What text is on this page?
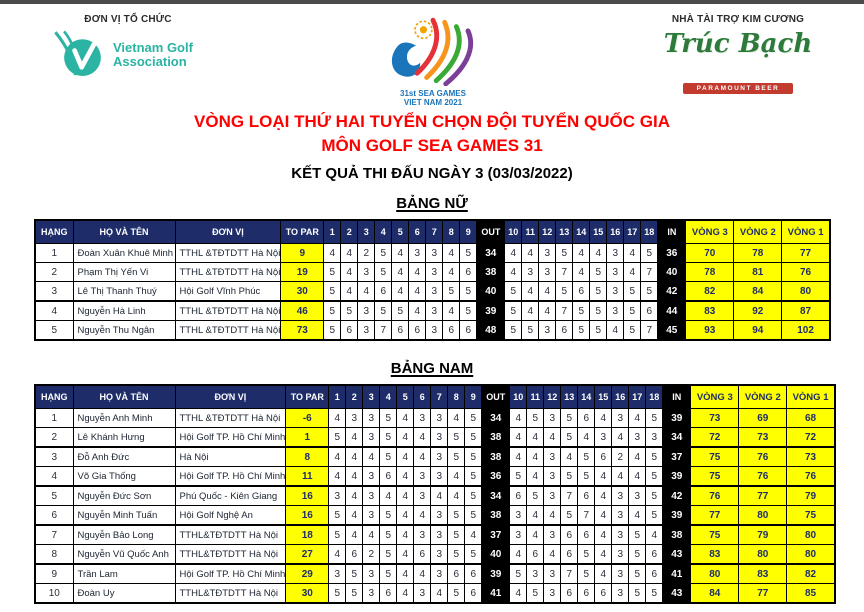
ĐƠN VỊ TỔ CHỨC
Vietnam Golf Association
31st SEA GAMES
VIET NAM 2021
NHÀ TÀI TRỢ KIM CƯƠNG
Trúc Bạch

PARAMOUNT BEER
VÒNG LOẠI THỨ HAI TUYỂN CHỌN ĐỘI TUYỂN QUỐC GIA
MÔN GOLF SEA GAMES 31
KẾT QUẢ THI ĐẤU NGÀY 3 (03/03/2022)
BẢNG NỮ
HẠNG	HỌ VÀ TÊN	ĐƠN VỊ	TO PAR	1	2	3	4	5	6	7	8	9	OUT	10	11	12	13	14	15	16	17	18	IN	VÒNG 3	VÒNG 2	VÒNG 1
1	Đoàn Xuân Khuê Minh	TTHL &TĐTDTT Hà Nội	9	4	4	2	5	4	3	3	4	5	34	4	4	3	5	4	4	3	4	5	36	70	78	77
2	Phạm Thị Yến Vi	TTHL &TĐTDTT Hà Nội	19	5	4	3	5	4	4	3	4	6	38	4	3	3	7	4	5	3	4	7	40	78	81	76
3	Lê Thị Thanh Thuý	Hội Golf Vĩnh Phúc	30	5	4	4	6	4	4	3	5	5	40	5	4	4	5	6	5	3	5	5	42	82	84	80
4	Nguyễn Hà Linh	TTHL &TĐTDTT Hà Nội	46	5	5	3	5	5	4	3	4	5	39	5	4	4	7	5	5	3	5	6	44	83	92	87
5	Nguyễn Thu Ngân	TTHL &TĐTDTT Hà Nội	73	5	6	3	7	6	6	3	6	6	48	5	5	3	6	5	5	4	5	7	45	93	94	102
BẢNG NAM
HẠNG	HỌ VÀ TÊN	ĐƠN VỊ	TO PAR	1	2	3	4	5	6	7	8	9	OUT	10	11	12	13	14	15	16	17	18	IN	VÒNG 3	VÒNG 2	VÒNG 1
1	Nguyễn Anh Minh	TTHL &TĐTDTT Hà Nội	-6	4	3	3	5	4	3	3	4	5	34	4	5	3	5	6	4	3	4	5	39	73	69	68
2	Lê Khánh Hưng	Hội Golf TP. Hồ Chí Minh	1	5	4	3	5	4	4	3	5	5	38	4	4	4	5	4	3	4	3	3	34	72	73	72
3	Đỗ Anh Đức	Hà Nội	8	4	4	4	5	4	4	3	5	5	38	4	4	3	4	5	6	2	4	5	37	75	76	73
4	Võ Gia Thống	Hội Golf TP. Hồ Chí Minh	11	4	4	3	6	4	3	3	4	5	36	5	4	3	5	5	4	4	4	5	39	75	76	76
5	Nguyễn Đức Sơn	Phú Quốc - Kiên Giang	16	3	4	3	4	4	3	4	4	5	34	6	5	3	7	6	4	3	3	5	42	76	77	79
6	Nguyễn Minh Tuấn	Hội Golf Nghệ An	16	5	4	3	5	4	4	3	5	5	38	3	4	4	5	7	4	3	4	5	39	77	80	75
7	Nguyễn Bảo Long	TTHL&TĐTDTT Hà Nội	18	5	4	4	5	4	3	3	5	4	37	3	4	3	6	6	4	3	5	4	38	75	79	80
8	Nguyễn Vũ Quốc Anh	TTHL&TĐTDTT Hà Nội	27	4	6	2	5	4	6	3	5	5	40	4	6	4	6	5	4	3	5	6	43	83	80	80
9	Trần Lam	Hội Golf TP. Hồ Chí Minh	29	3	5	3	5	4	4	3	6	6	39	5	3	3	7	5	4	3	5	6	41	80	83	82
10	Đoàn Uy	TTHL&TĐTDTT Hà Nội	30	5	5	3	6	4	3	4	5	6	41	4	5	3	6	6	6	3	5	5	43	84	77	85
